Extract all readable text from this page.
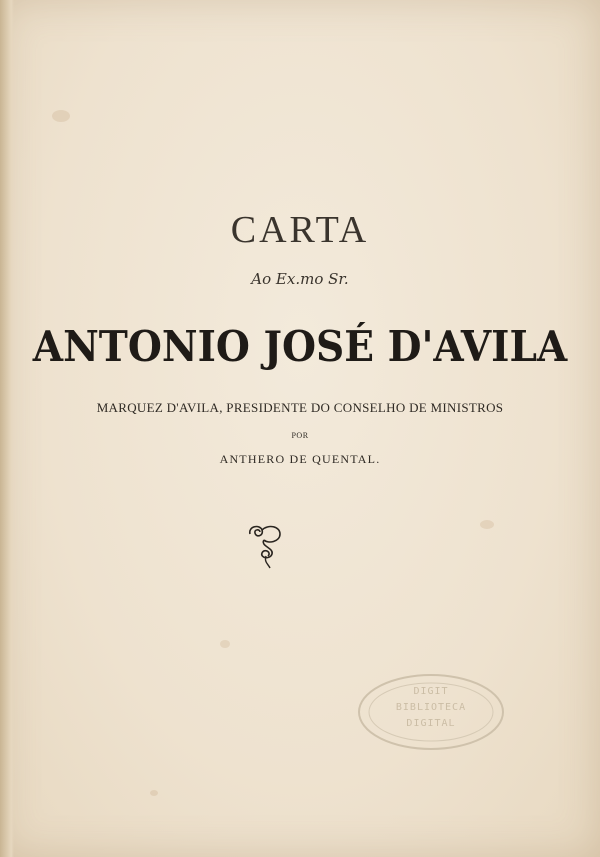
CARTA
Ao Ex.mo Sr.
ANTONIO JOSÉ D'AVILA
MARQUEZ D'AVILA, PRESIDENTE DO CONSELHO DE MINISTROS
POR
ANTHERO DE QUENTAL.
DIGIT
BIBLIOTECA
DIGITAL
